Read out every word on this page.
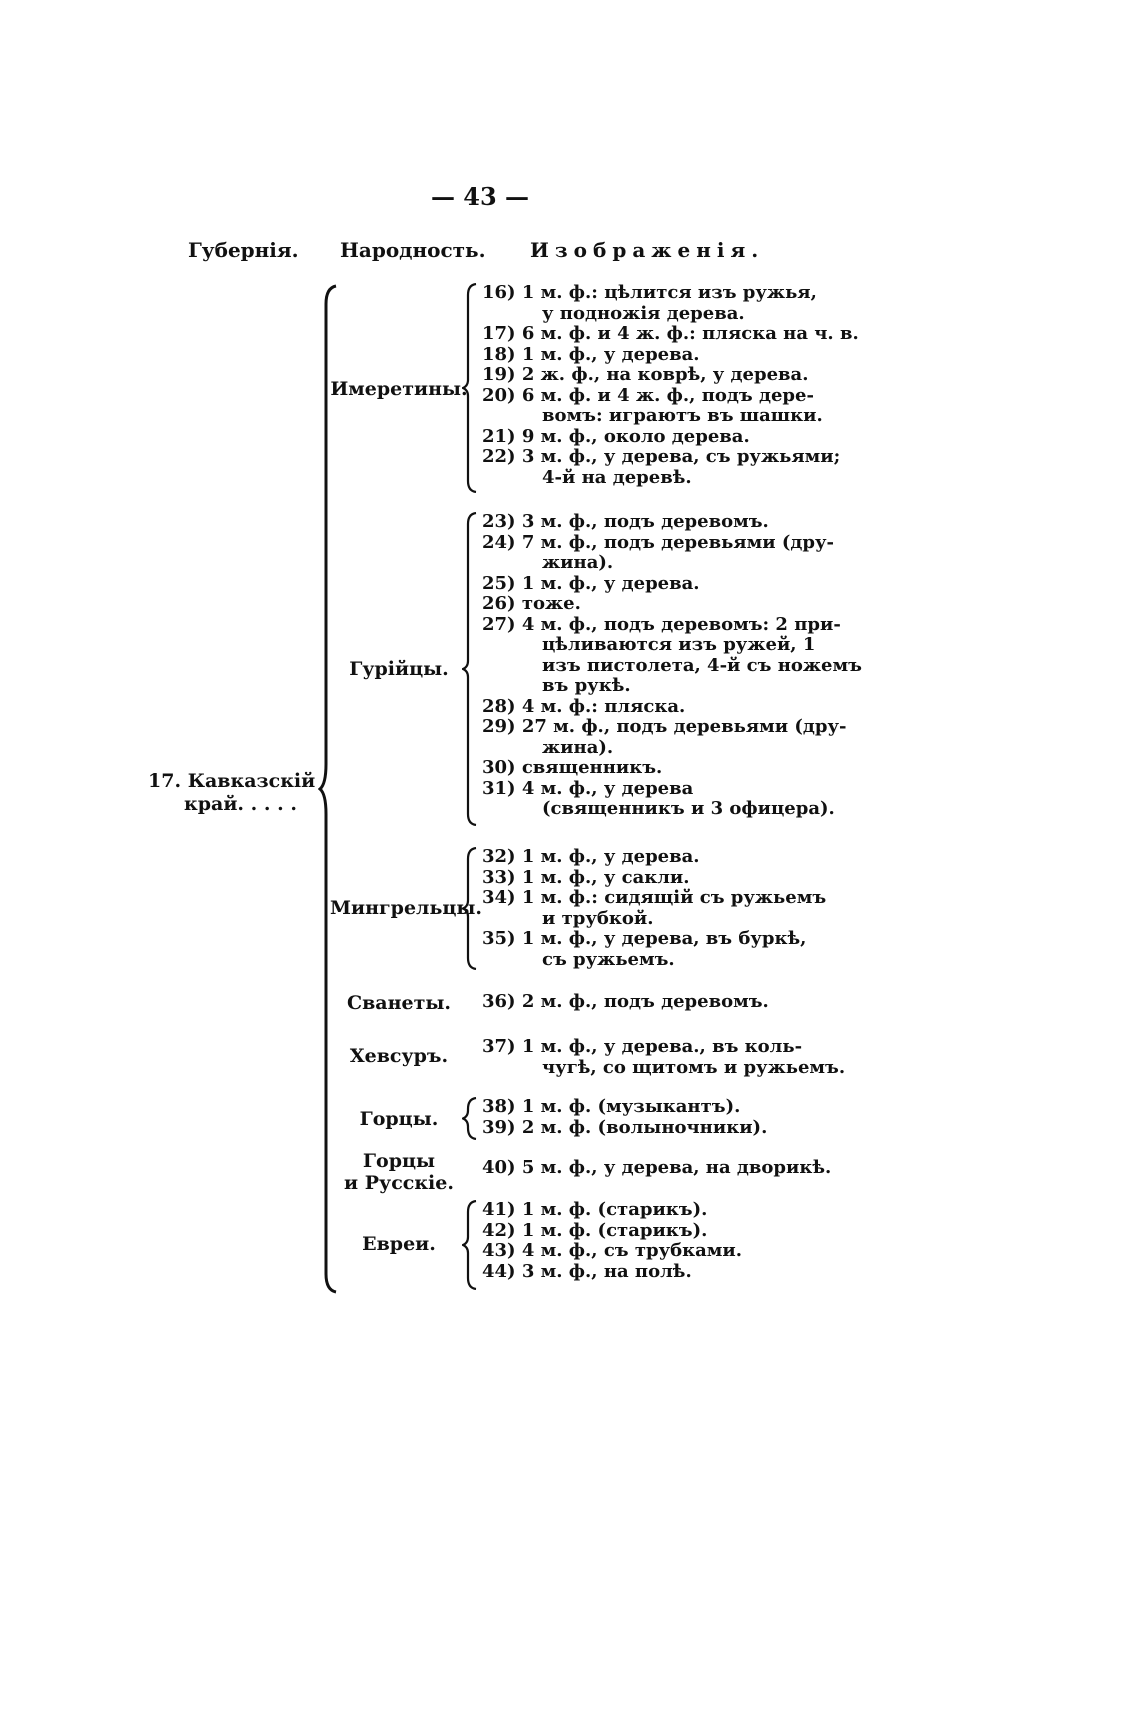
— 43 —
Губернія. Народность. Изображенія.
17. Кавказскій
край. . . . .
Имеретины.
16) 1 м. ф.: цѣлится изъ ружья,
у подножія дерева.
17) 6 м. ф. и 4 ж. ф.: пляска на ч. в.
18) 1 м. ф., у дерева.
19) 2 ж. ф., на коврѣ, у дерева.
20) 6 м. ф. и 4 ж. ф., подъ дере-
вомъ: играютъ въ шашки.
21) 9 м. ф., около дерева.
22) 3 м. ф., у дерева, съ ружьями;
4-й на деревѣ.
Гурійцы.
23) 3 м. ф., подъ деревомъ.
24) 7 м. ф., подъ деревьями (дру-
жина).
25) 1 м. ф., у дерева.
26) тоже.
27) 4 м. ф., подъ деревомъ: 2 при-
цѣливаются изъ ружей, 1
изъ пистолета, 4-й съ ножемъ
въ рукѣ.
28) 4 м. ф.: пляска.
29) 27 м. ф., подъ деревьями (дру-
жина).
30) священникъ.
31) 4 м. ф., у дерева
(священникъ и 3 офицера).
Мингрельцы.
32) 1 м. ф., у дерева.
33) 1 м. ф., у сакли.
34) 1 м. ф.: сидящій съ ружьемъ
и трубкой.
35) 1 м. ф., у дерева, въ буркѣ,
съ ружьемъ.
Сванеты.	36) 2 м. ф., подъ деревомъ.
Хевсуръ.	37) 1 м. ф., у дерева., въ коль-
чугѣ, со щитомъ и ружьемъ.
Горцы.
38) 1 м. ф. (музыкантъ).
39) 2 м. ф. (волыночники).
Горцы
и Русскіе.
40) 5 м. ф., у дерева, на дворикѣ.
Евреи.
41) 1 м. ф. (старикъ).
42) 1 м. ф. (старикъ).
43) 4 м. ф., съ трубками.
44) 3 м. ф., на полѣ.
